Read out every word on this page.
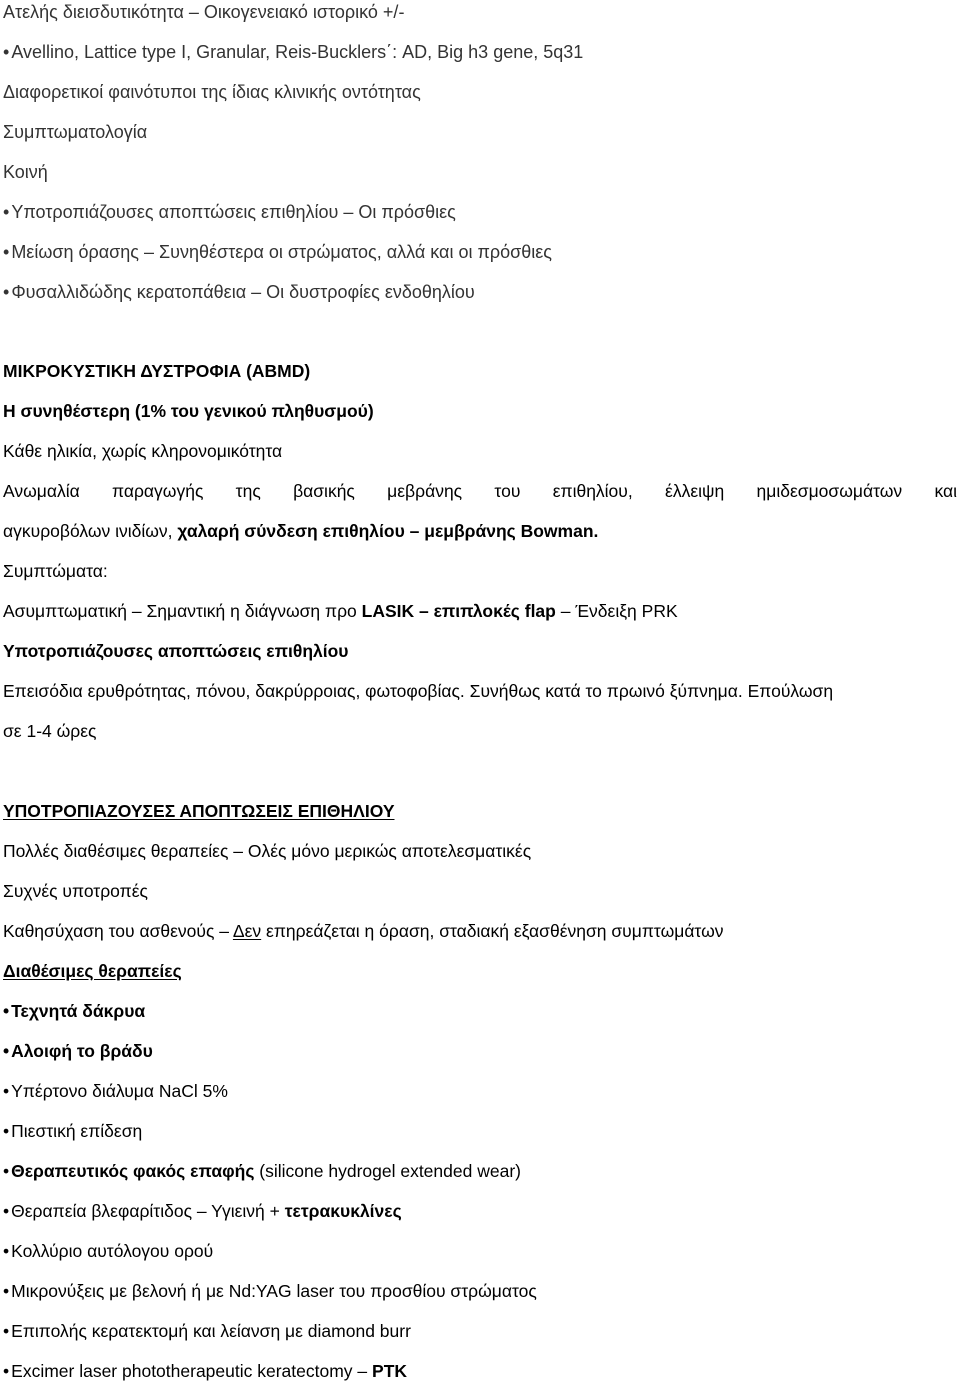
Ατελής διεισδυτικότητα – Οικογενειακό ιστορικό +/-
• Avellino, Lattice type I, Granular, Reis-Bucklers΄: AD, Big h3 gene, 5q31
Διαφορετικοί φαινότυποι της ίδιας κλινικής οντότητας
Συμπτωματολογία
Κοινή
• Υποτροπιάζουσες αποπτώσεις επιθηλίου – Οι πρόσθιες
• Μείωση όρασης – Συνηθέστερα οι στρώματος, αλλά και οι πρόσθιες
• Φυσαλλιδώδης κερατοπάθεια – Οι δυστροφίες ενδοθηλίου
ΜΙΚΡΟΚΥΣΤΙΚΗ ΔΥΣΤΡΟΦΙΑ (ABMD)
Η συνηθέστερη (1% του γενικού πληθυσμού)
Κάθε ηλικία, χωρίς κληρονομικότητα
Ανωμαλία παραγωγής της βασικής μεβράνης του επιθηλίου, έλλειψη ημιδεσμοσωμάτων και
αγκυροβόλων ινιδίων, χαλαρή σύνδεση επιθηλίου – μεμβράνης Bowman.
Συμπτώματα:
Ασυμπτωματική – Σημαντική η διάγνωση προ LASIK – επιπλοκές flap – Ένδειξη PRK
Υποτροπιάζουσες αποπτώσεις επιθηλίου
Επεισόδια ερυθρότητας, πόνου, δακρύρροιας, φωτοφοβίας. Συνήθως κατά το πρωινό ξύπνημα. Επούλωση
σε 1-4 ώρες
ΥΠΟΤΡΟΠΙΑΖΟΥΣΕΣ ΑΠΟΠΤΩΣΕΙΣ ΕΠΙΘΗΛΙΟΥ
Πολλές διαθέσιμες θεραπείες – Ολές μόνο μερικώς αποτελεσματικές
Συχνές υποτροπές
Καθησύχαση του ασθενούς – Δεν επηρεάζεται η όραση, σταδιακή εξασθένηση συμπτωμάτων
Διαθέσιμες θεραπείες
• Τεχνητά δάκρυα
• Αλοιφή το βράδυ
• Υπέρτονο διάλυμα NaCl 5%
• Πιεστική επίδεση
• Θεραπευτικός φακός επαφής (silicone hydrogel extended wear)
• Θεραπεία βλεφαρίτιδος – Υγιεινή + τετρακυκλίνες
• Κολλύριο αυτόλογου ορού
• Μικρονύξεις με βελονή ή με Nd:YAG laser του προσθίου στρώματος
• Επιπολής κερατεκτομή και λείανση με diamond burr
• Excimer laser phototherapeutic keratectomy – PTK
